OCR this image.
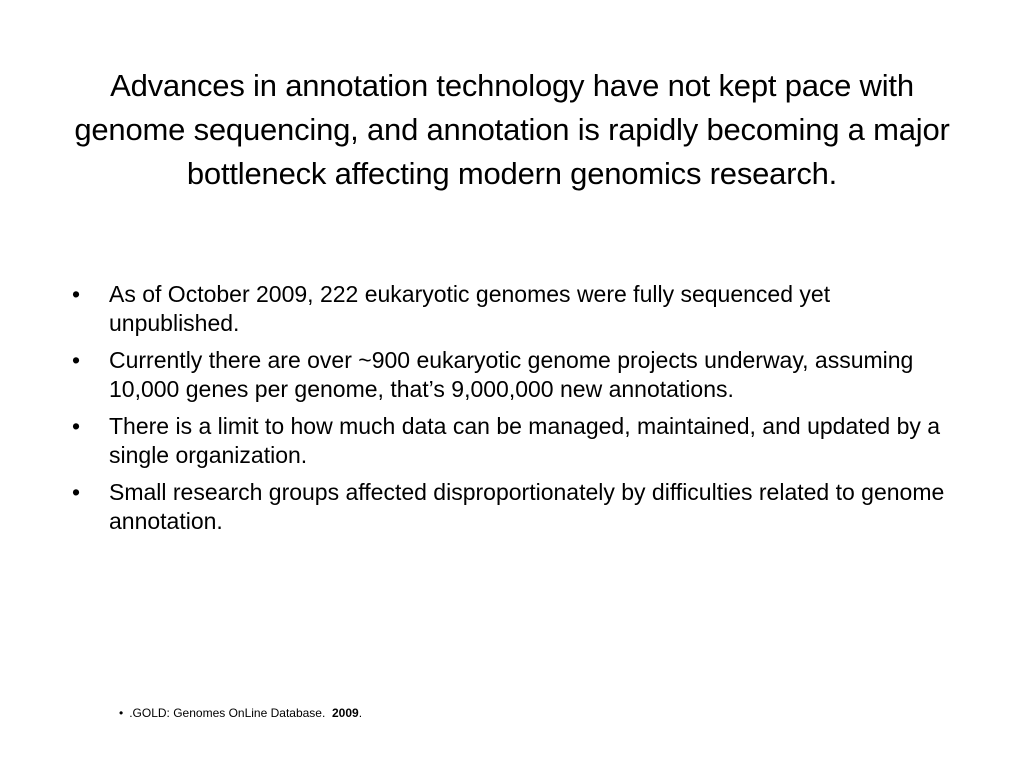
Advances in annotation technology have not kept pace with genome sequencing, and annotation is rapidly becoming a major bottleneck affecting modern genomics research.
• As of October 2009, 222 eukaryotic genomes were fully sequenced yet unpublished.
• Currently there are over ~900 eukaryotic genome projects underway, assuming 10,000 genes per genome, that’s 9,000,000 new annotations.
• There is a limit to how much data can be managed, maintained, and updated by a single organization.
• Small research groups affected disproportionately by difficulties related to genome annotation.

• .GOLD: Genomes OnLine Database. 2009.
